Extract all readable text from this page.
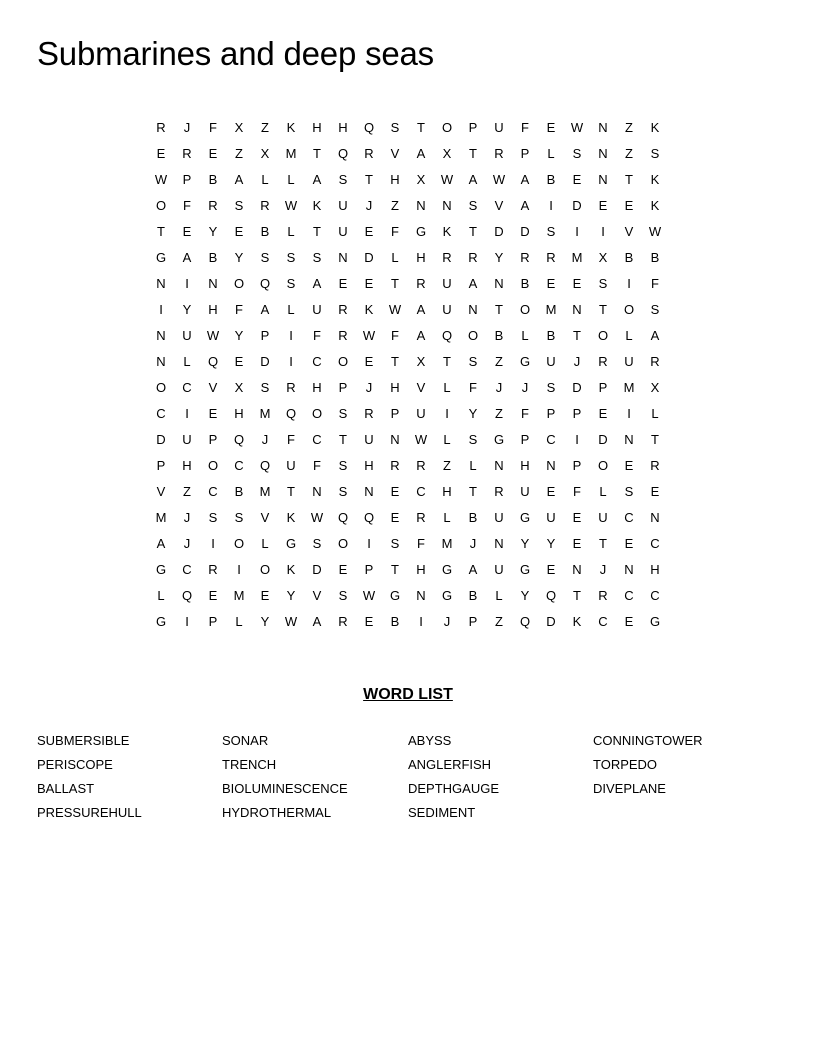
Submarines and deep seas
R	J	F	X	Z	K	H	H	Q	S	T	O	P	U	F	E	W	N	Z	K
E	R	E	Z	X	M	T	Q	R	V	A	X	T	R	P	L	S	N	Z	S
W	P	B	A	L	L	A	S	T	H	X	W	A	W	A	B	E	N	T	K
O	F	R	S	R	W	K	U	J	Z	N	N	S	V	A	I	D	E	E	K
T	E	Y	E	B	L	T	U	E	F	G	K	T	D	D	S	I	I	V	W
G	A	B	Y	S	S	S	N	D	L	H	R	R	Y	R	R	M	X	B	B
N	I	N	O	Q	S	A	E	E	T	R	U	A	N	B	E	E	S	I	F
I	Y	H	F	A	L	U	R	K	W	A	U	N	T	O	M	N	T	O	S
N	U	W	Y	P	I	F	R	W	F	A	Q	O	B	L	B	T	O	L	A
N	L	Q	E	D	I	C	O	E	T	X	T	S	Z	G	U	J	R	U	R
O	C	V	X	S	R	H	P	J	H	V	L	F	J	J	S	D	P	M	X
C	I	E	H	M	Q	O	S	R	P	U	I	Y	Z	F	P	P	E	I	L
D	U	P	Q	J	F	C	T	U	N	W	L	S	G	P	C	I	D	N	T
P	H	O	C	Q	U	F	S	H	R	R	Z	L	N	H	N	P	O	E	R
V	Z	C	B	M	T	N	S	N	E	C	H	T	R	U	E	F	L	S	E
M	J	S	S	V	K	W	Q	Q	E	R	L	B	U	G	U	E	U	C	N
A	J	I	O	L	G	S	O	I	S	F	M	J	N	Y	Y	E	T	E	C
G	C	R	I	O	K	D	E	P	T	H	G	A	U	G	E	N	J	N	H
L	Q	E	M	E	Y	V	S	W	G	N	G	B	L	Y	Q	T	R	C	C
G	I	P	L	Y	W	A	R	E	B	I	J	P	Z	Q	D	K	C	E	G
WORD LIST
SUBMERSIBLE
PERISCOPE
BALLAST
PRESSUREHULL
SONAR
TRENCH
BIOLUMINESCENCE
HYDROTHERMAL
ABYSS
ANGLERFISH
DEPTHGAUGE
SEDIMENT
CONNINGTOWER
TORPEDO
DIVEPLANE
